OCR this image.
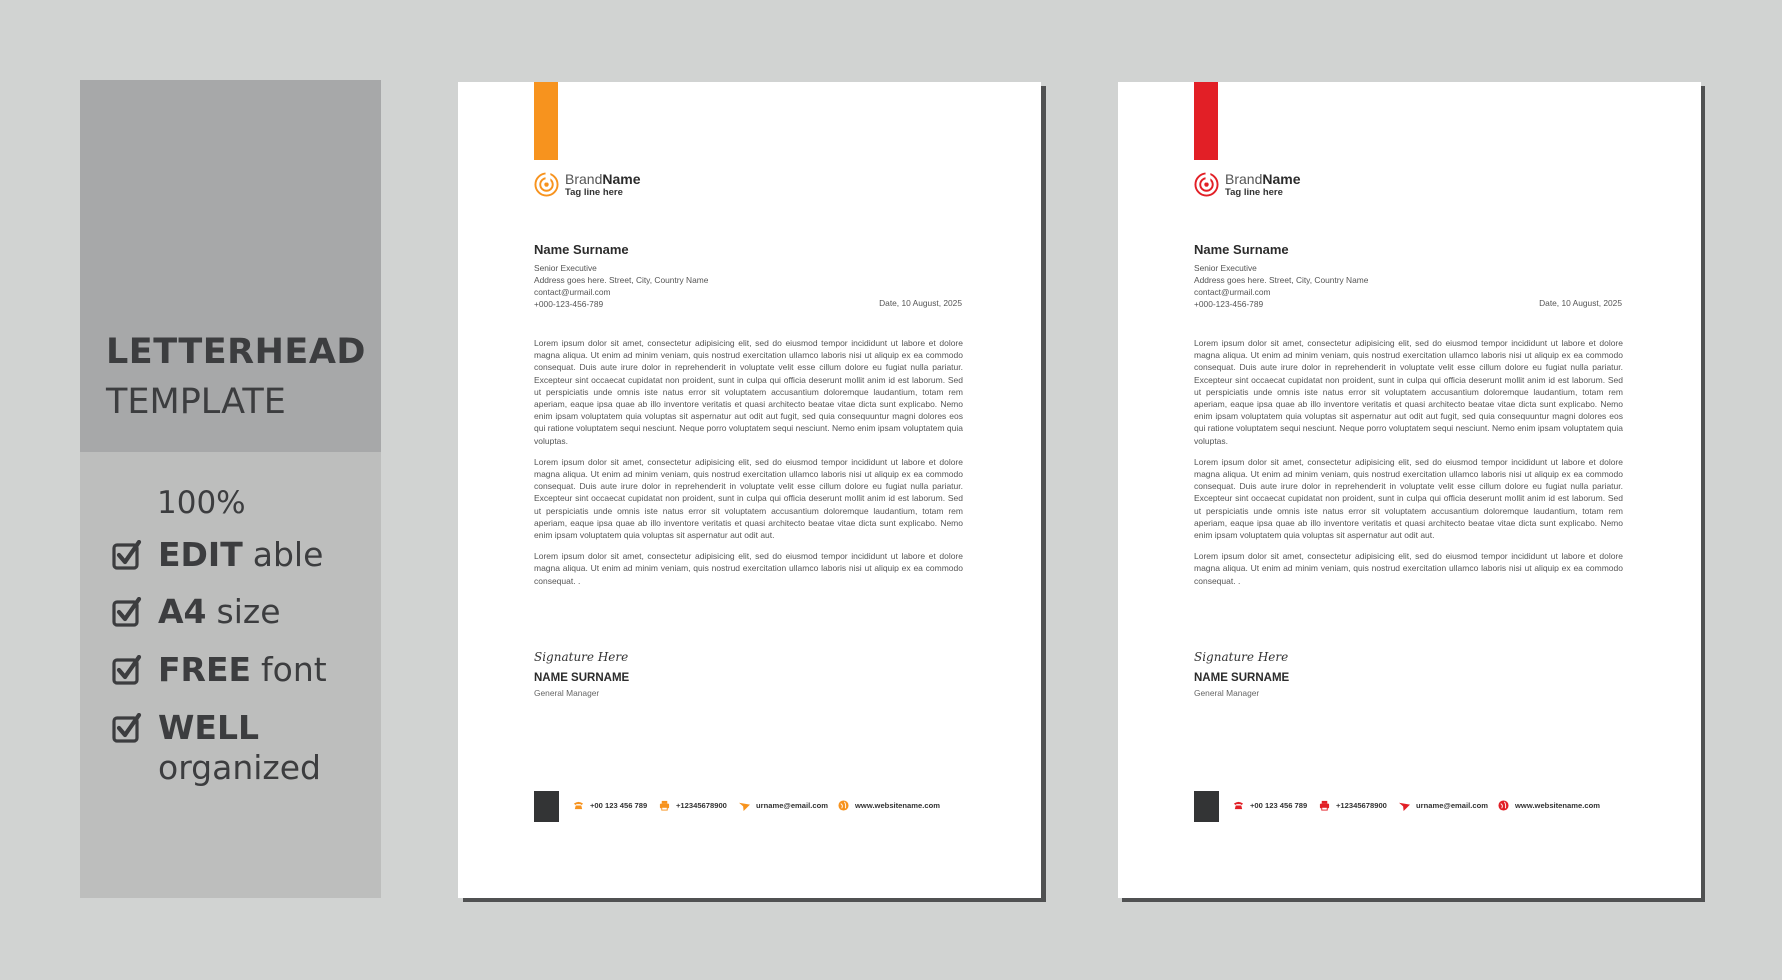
LETTERHEAD
TEMPLATE
100%
EDIT able
A4 size
FREE font
WELL
organized
BrandName
Tag line here
Name Surname
Senior Executive
Address goes here. Street, City, Country Name
contact@urmail.com
+000-123-456-789	Date, 10 August, 2025

Lorem ipsum dolor sit amet, consectetur adipisicing elit, sed do eiusmod tempor incididunt ut labore et dolore magna aliqua. Ut enim ad minim veniam, quis nostrud exercitation ullamco laboris nisi ut aliquip ex ea commodo consequat. Duis aute irure dolor in reprehenderit in voluptate velit esse cillum dolore eu fugiat nulla pariatur. Excepteur sint occaecat cupidatat non proident, sunt in culpa qui officia deserunt mollit anim id est laborum. Sed ut perspiciatis unde omnis iste natus error sit voluptatem accusantium doloremque laudantium, totam rem aperiam, eaque ipsa quae ab illo inventore veritatis et quasi architecto beatae vitae dicta sunt explicabo. Nemo enim ipsam voluptatem quia voluptas sit aspernatur aut odit aut fugit, sed quia consequuntur magni dolores eos qui ratione voluptatem sequi nesciunt. Neque porro voluptatem sequi nesciunt. Nemo enim ipsam voluptatem quia voluptas.

Lorem ipsum dolor sit amet, consectetur adipisicing elit, sed do eiusmod tempor incididunt ut labore et dolore magna aliqua. Ut enim ad minim veniam, quis nostrud exercitation ullamco laboris nisi ut aliquip ex ea commodo consequat. Duis aute irure dolor in reprehenderit in voluptate velit esse cillum dolore eu fugiat nulla pariatur. Excepteur sint occaecat cupidatat non proident, sunt in culpa qui officia deserunt mollit anim id est laborum. Sed ut perspiciatis unde omnis iste natus error sit voluptatem accusantium doloremque laudantium, totam rem aperiam, eaque ipsa quae ab illo inventore veritatis et quasi architecto beatae vitae dicta sunt explicabo. Nemo enim ipsam voluptatem quia voluptas sit aspernatur aut odit aut.

Lorem ipsum dolor sit amet, consectetur adipisicing elit, sed do eiusmod tempor incididunt ut labore et dolore magna aliqua. Ut enim ad minim veniam, quis nostrud exercitation ullamco laboris nisi ut aliquip ex ea commodo consequat. .

Signature Here
NAME SURNAME
General Manager
+00 123 456 789	+12345678900	urname@email.com	www.websitename.com
BrandName
Tag line here
Name Surname
Senior Executive
Address goes here. Street, City, Country Name
contact@urmail.com
+000-123-456-789	Date, 10 August, 2025

Lorem ipsum dolor sit amet, consectetur adipisicing elit, sed do eiusmod tempor incididunt ut labore et dolore magna aliqua. Ut enim ad minim veniam, quis nostrud exercitation ullamco laboris nisi ut aliquip ex ea commodo consequat. Duis aute irure dolor in reprehenderit in voluptate velit esse cillum dolore eu fugiat nulla pariatur. Excepteur sint occaecat cupidatat non proident, sunt in culpa qui officia deserunt mollit anim id est laborum. Sed ut perspiciatis unde omnis iste natus error sit voluptatem accusantium doloremque laudantium, totam rem aperiam, eaque ipsa quae ab illo inventore veritatis et quasi architecto beatae vitae dicta sunt explicabo. Nemo enim ipsam voluptatem quia voluptas sit aspernatur aut odit aut fugit, sed quia consequuntur magni dolores eos qui ratione voluptatem sequi nesciunt. Neque porro voluptatem sequi nesciunt. Nemo enim ipsam voluptatem quia voluptas.

Lorem ipsum dolor sit amet, consectetur adipisicing elit, sed do eiusmod tempor incididunt ut labore et dolore magna aliqua. Ut enim ad minim veniam, quis nostrud exercitation ullamco laboris nisi ut aliquip ex ea commodo consequat. Duis aute irure dolor in reprehenderit in voluptate velit esse cillum dolore eu fugiat nulla pariatur. Excepteur sint occaecat cupidatat non proident, sunt in culpa qui officia deserunt mollit anim id est laborum. Sed ut perspiciatis unde omnis iste natus error sit voluptatem accusantium doloremque laudantium, totam rem aperiam, eaque ipsa quae ab illo inventore veritatis et quasi architecto beatae vitae dicta sunt explicabo. Nemo enim ipsam voluptatem quia voluptas sit aspernatur aut odit aut.

Lorem ipsum dolor sit amet, consectetur adipisicing elit, sed do eiusmod tempor incididunt ut labore et dolore magna aliqua. Ut enim ad minim veniam, quis nostrud exercitation ullamco laboris nisi ut aliquip ex ea commodo consequat. .

Signature Here
NAME SURNAME
General Manager
+00 123 456 789	+12345678900	urname@email.com	www.websitename.com
